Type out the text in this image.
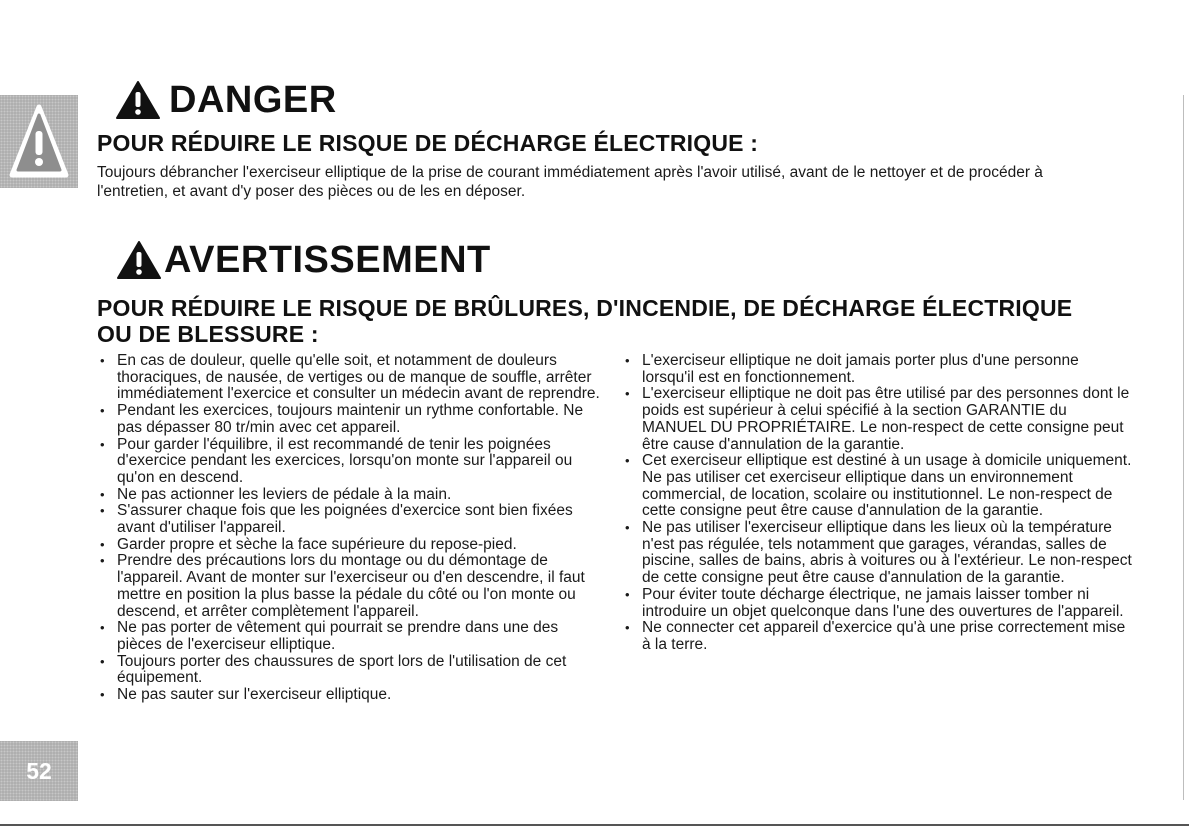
52
DANGER
POUR RÉDUIRE LE RISQUE DE DÉCHARGE ÉLECTRIQUE :
Toujours débrancher l'exerciseur elliptique de la prise de courant immédiatement après l'avoir utilisé, avant de le nettoyer et de procéder à l'entretien, et avant d'y poser des pièces ou de les en déposer.
AVERTISSEMENT
POUR RÉDUIRE LE RISQUE DE BRÛLURES, D'INCENDIE, DE DÉCHARGE ÉLECTRIQUE OU DE BLESSURE :
• En cas de douleur, quelle qu'elle soit, et notamment de douleurs thoraciques, de nausée, de vertiges ou de manque de souffle, arrêter immédiatement l'exercice et consulter un médecin avant de reprendre.
• Pendant les exercices, toujours maintenir un rythme confortable. Ne pas dépasser 80 tr/min avec cet appareil.
• Pour garder l'équilibre, il est recommandé de tenir les poignées d'exercice pendant les exercices, lorsqu'on monte sur l'appareil ou qu'on en descend.
• Ne pas actionner les leviers de pédale à la main.
• S'assurer chaque fois que les poignées d'exercice sont bien fixées avant d'utiliser l'appareil.
• Garder propre et sèche la face supérieure du repose-pied.
• Prendre des précautions lors du montage ou du démontage de l'appareil. Avant de monter sur l'exerciseur ou d'en descendre, il faut mettre en position la plus basse la pédale du côté ou l'on monte ou descend, et arrêter complètement l'appareil.
• Ne pas porter de vêtement qui pourrait se prendre dans une des pièces de l'exerciseur elliptique.
• Toujours porter des chaussures de sport lors de l'utilisation de cet équipement.
• Ne pas sauter sur l'exerciseur elliptique.
• L'exerciseur elliptique ne doit jamais porter plus d'une personne lorsqu'il est en fonctionnement.
• L'exerciseur elliptique ne doit pas être utilisé par des personnes dont le poids est supérieur à celui spécifié à la section GARANTIE du MANUEL DU PROPRIÉTAIRE. Le non-respect de cette consigne peut être cause d'annulation de la garantie.
• Cet exerciseur elliptique est destiné à un usage à domicile uniquement. Ne pas utiliser cet exerciseur elliptique dans un environnement commercial, de location, scolaire ou institutionnel. Le non-respect de cette consigne peut être cause d'annulation de la garantie.
• Ne pas utiliser l'exerciseur elliptique dans les lieux où la température n'est pas régulée, tels notamment que garages, vérandas, salles de piscine, salles de bains, abris à voitures ou à l'extérieur. Le non-respect de cette consigne peut être cause d'annulation de la garantie.
• Pour éviter toute décharge électrique, ne jamais laisser tomber ni introduire un objet quelconque dans l'une des ouvertures de l'appareil.
• Ne connecter cet appareil d'exercice qu'à une prise correctement mise à la terre.
